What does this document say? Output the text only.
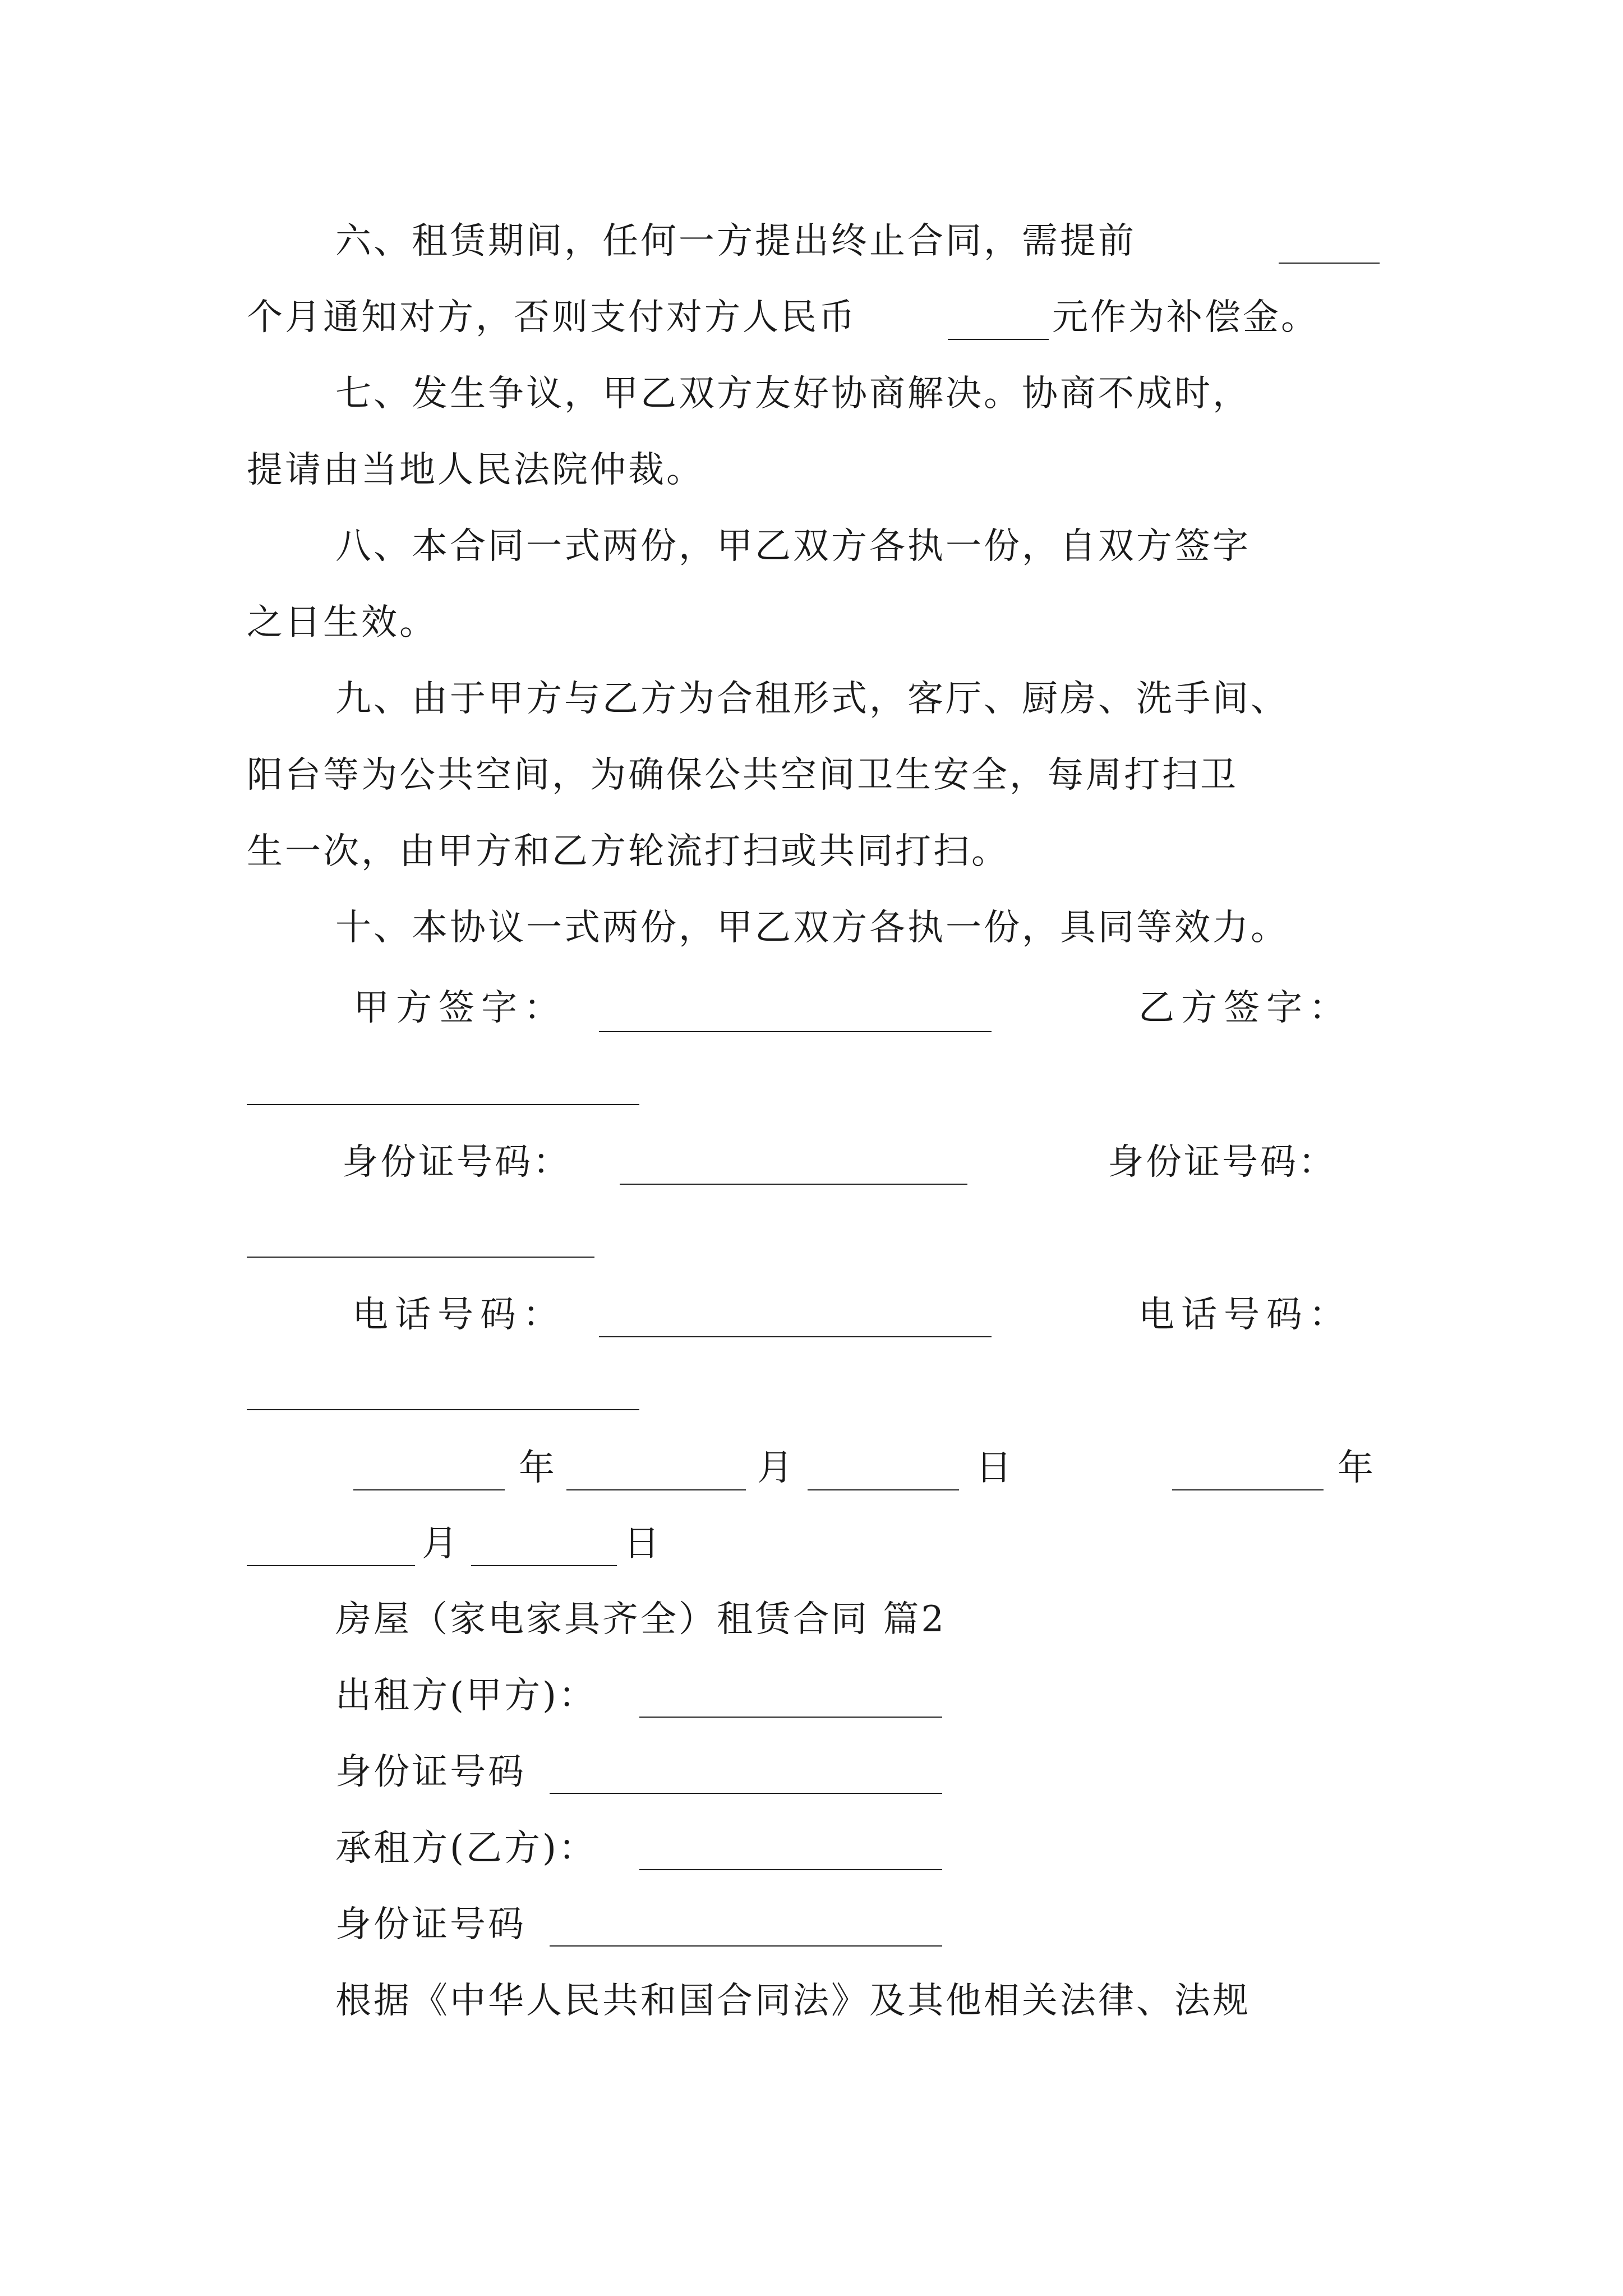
六、租赁期间，任何一方提出终止合同，需提前
个月通知对方，否则支付对方人民币	元作为补偿金。
七、发生争议，甲乙双方友好协商解决。协商不成时，
提请由当地人民法院仲裁。
八、本合同一式两份，甲乙双方各执一份，自双方签字
之日生效。
九、由于甲方与乙方为合租形式，客厅、厨房、洗手间、
阳台等为公共空间，为确保公共空间卫生安全，每周打扫卫
生一次，由甲方和乙方轮流打扫或共同打扫。
十、本协议一式两份，甲乙双方各执一份，具同等效力。
甲方签字：	乙方签字：
身份证号码：	身份证号码：
电话号码：	电话号码：
年	月	日	年
月	日
房屋（家电家具齐全）租赁合同 篇2
出租方(甲方)：
身份证号码
承租方(乙方)：
身份证号码
根据《中华人民共和国合同法》及其他相关法律、法规
